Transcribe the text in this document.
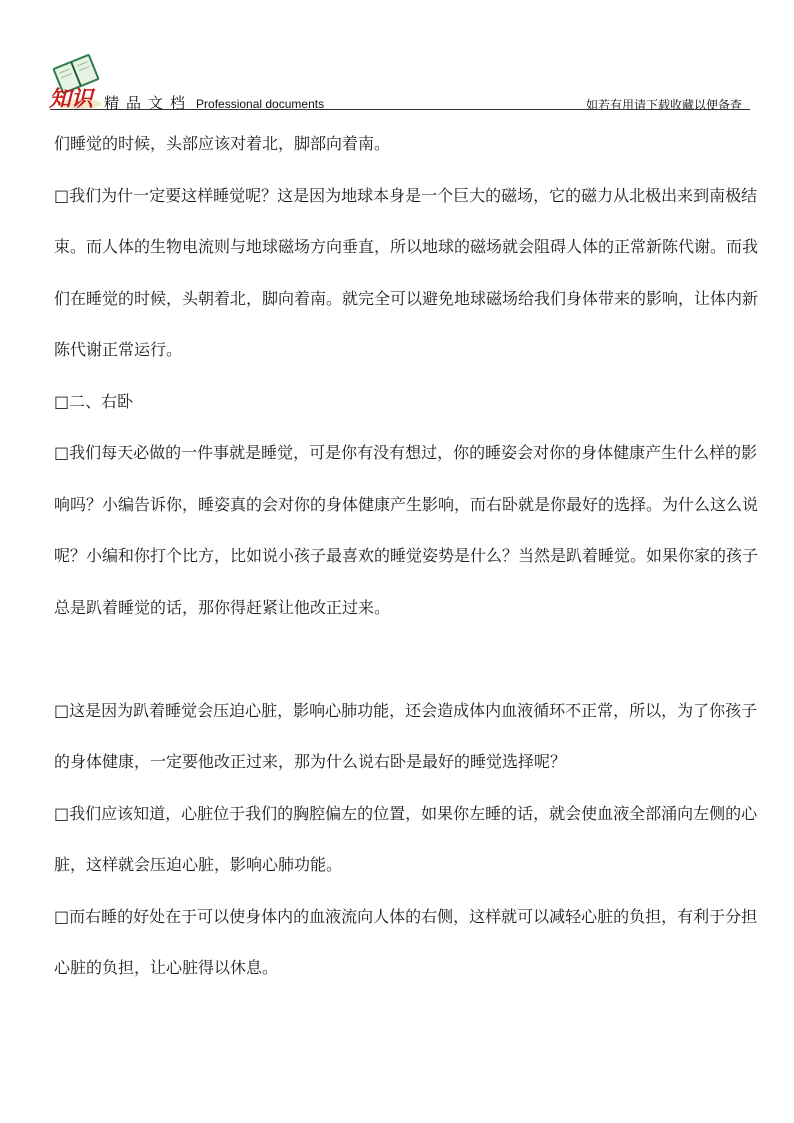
知识 精品文档 Professional documents	如若有用请下载收藏以便备查

们睡觉的时候，头部应该对着北，脚部向着南。

□我们为什一定要这样睡觉呢？这是因为地球本身是一个巨大的磁场，它的磁力从北极出来到南极结束。而人体的生物电流则与地球磁场方向垂直，所以地球的磁场就会阻碍人体的正常新陈代谢。而我们在睡觉的时候，头朝着北，脚向着南。就完全可以避免地球磁场给我们身体带来的影响，让体内新陈代谢正常运行。

□二、右卧

□我们每天必做的一件事就是睡觉，可是你有没有想过，你的睡姿会对你的身体健康产生什么样的影响吗？小编告诉你，睡姿真的会对你的身体健康产生影响，而右卧就是你最好的选择。为什么这么说呢？小编和你打个比方，比如说小孩子最喜欢的睡觉姿势是什么？当然是趴着睡觉。如果你家的孩子总是趴着睡觉的话，那你得赶紧让他改正过来。

□这是因为趴着睡觉会压迫心脏，影响心肺功能，还会造成体内血液循环不正常，所以，为了你孩子的身体健康，一定要他改正过来，那为什么说右卧是最好的睡觉选择呢？

□我们应该知道，心脏位于我们的胸腔偏左的位置，如果你左睡的话，就会使血液全部涌向左侧的心脏，这样就会压迫心脏，影响心肺功能。

□而右睡的好处在于可以使身体内的血液流向人体的右侧，这样就可以减轻心脏的负担，有利于分担心脏的负担，让心脏得以休息。
